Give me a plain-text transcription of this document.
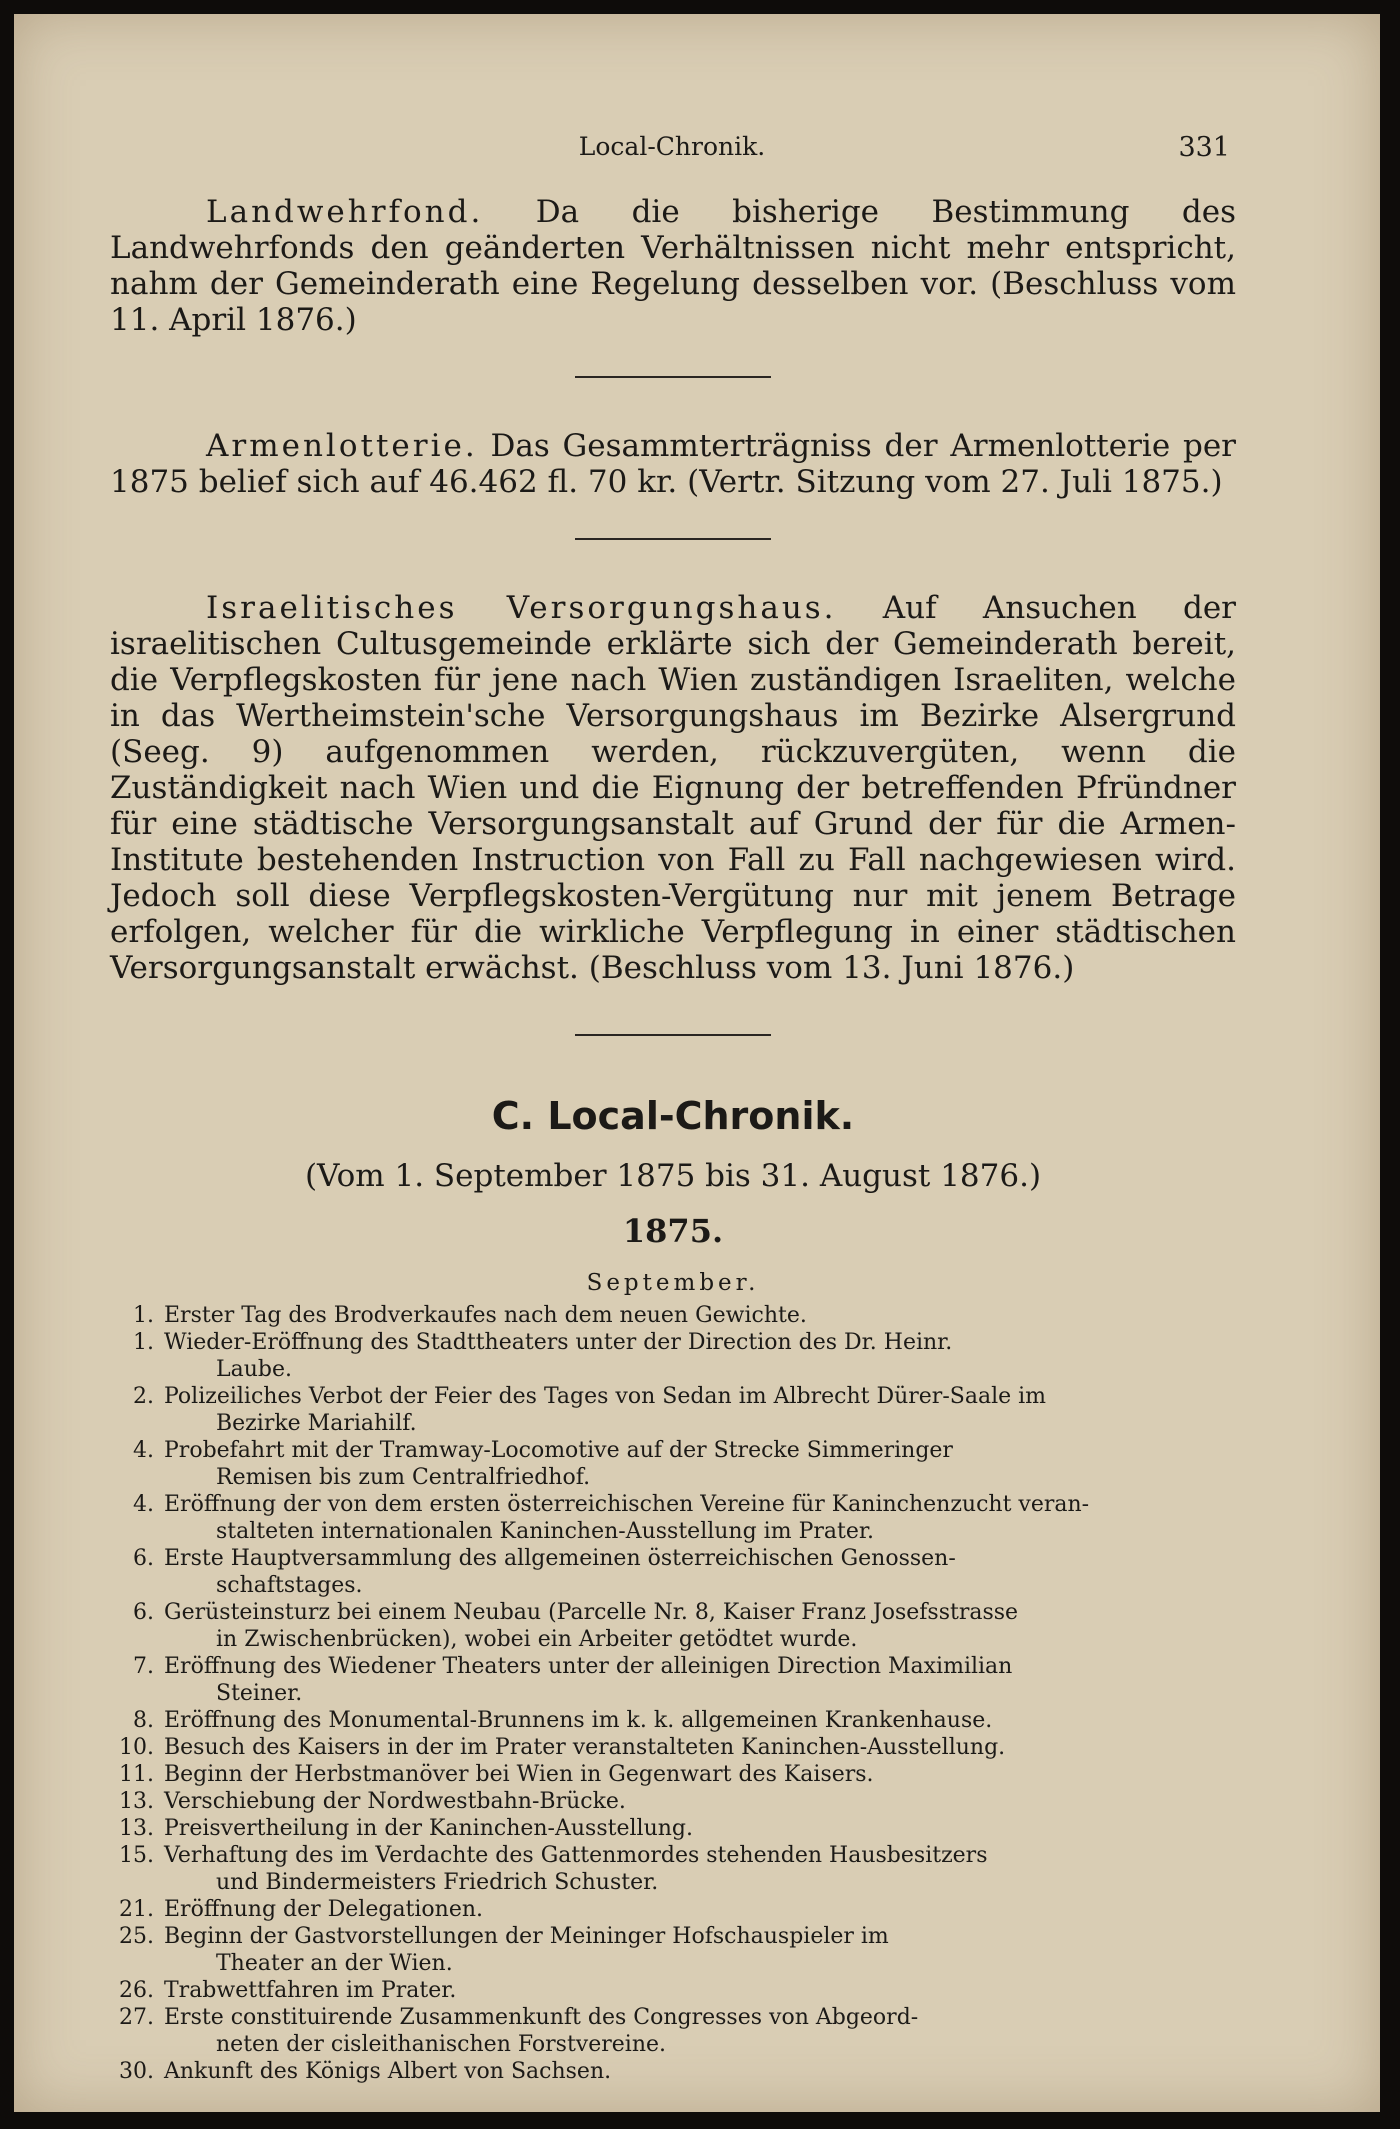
Local-Chronik.	331

Landwehrfond. Da die bisherige Bestimmung des Landwehrfonds den geänderten Verhältnissen nicht mehr entspricht, nahm der Gemeinderath eine Regelung desselben vor. (Beschluss vom 11. April 1876.)

Armenlotterie. Das Gesammterträgniss der Armenlotterie per 1875 belief sich auf 46.462 fl. 70 kr. (Vertr. Sitzung vom 27. Juli 1875.)

Israelitisches Versorgungshaus. Auf Ansuchen der israelitischen Cultusgemeinde erklärte sich der Gemeinderath bereit, die Verpflegskosten für jene nach Wien zuständigen Israeliten, welche in das Wertheimstein'sche Versorgungshaus im Bezirke Alsergrund (Seeg. 9) aufgenommen werden, rückzuvergüten, wenn die Zuständigkeit nach Wien und die Eignung der betreffenden Pfründner für eine städtische Versorgungsanstalt auf Grund der für die Armen-Institute bestehenden Instruction von Fall zu Fall nachgewiesen wird. Jedoch soll diese Verpflegskosten-Vergütung nur mit jenem Betrage erfolgen, welcher für die wirkliche Verpflegung in einer städtischen Versorgungsanstalt erwächst. (Beschluss vom 13. Juni 1876.)

C. Local-Chronik.
(Vom 1. September 1875 bis 31. August 1876.)
1875.
September.
1. Erster Tag des Brodverkaufes nach dem neuen Gewichte.
1. Wieder-Eröffnung des Stadttheaters unter der Direction des Dr. Heinr.
Laube.
2. Polizeiliches Verbot der Feier des Tages von Sedan im Albrecht Dürer-Saale im
Bezirke Mariahilf.
4. Probefahrt mit der Tramway-Locomotive auf der Strecke Simmeringer
Remisen bis zum Centralfriedhof.
4. Eröffnung der von dem ersten österreichischen Vereine für Kaninchenzucht veran-
stalteten internationalen Kaninchen-Ausstellung im Prater.
6. Erste Hauptversammlung des allgemeinen österreichischen Genossen-
schaftstages.
6. Gerüsteinsturz bei einem Neubau (Parcelle Nr. 8, Kaiser Franz Josefsstrasse
in Zwischenbrücken), wobei ein Arbeiter getödtet wurde.
7. Eröffnung des Wiedener Theaters unter der alleinigen Direction Maximilian
Steiner.
8. Eröffnung des Monumental-Brunnens im k. k. allgemeinen Krankenhause.
10. Besuch des Kaisers in der im Prater veranstalteten Kaninchen-Ausstellung.
11. Beginn der Herbstmanöver bei Wien in Gegenwart des Kaisers.
13. Verschiebung der Nordwestbahn-Brücke.
13. Preisvertheilung in der Kaninchen-Ausstellung.
15. Verhaftung des im Verdachte des Gattenmordes stehenden Hausbesitzers
und Bindermeisters Friedrich Schuster.
21. Eröffnung der Delegationen.
25. Beginn der Gastvorstellungen der Meininger Hofschauspieler im
Theater an der Wien.
26. Trabwettfahren im Prater.
27. Erste constituirende Zusammenkunft des Congresses von Abgeord-
neten der cisleithanischen Forstvereine.
30. Ankunft des Königs Albert von Sachsen.
